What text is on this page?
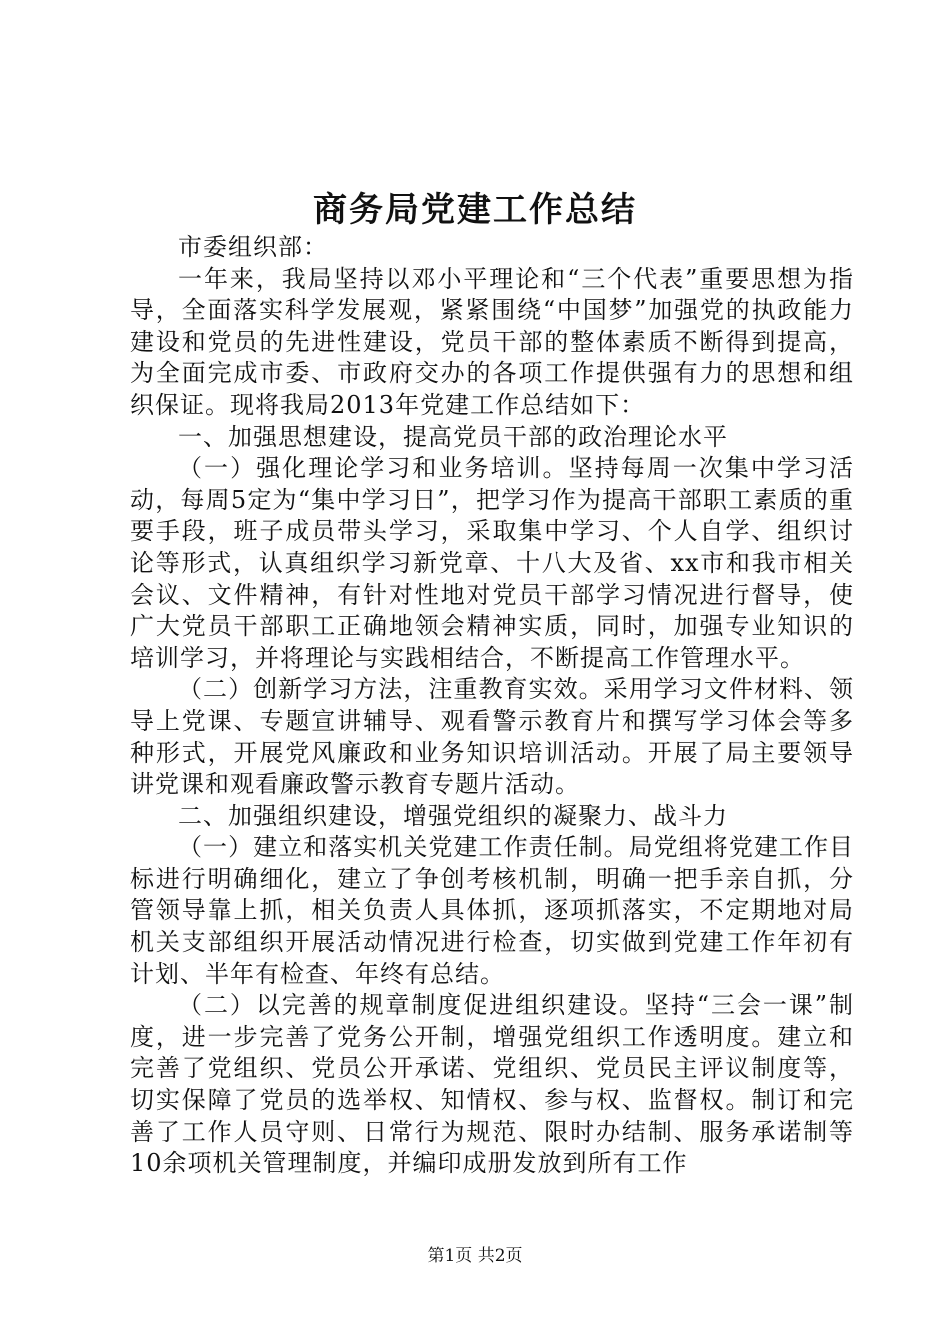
商务局党建工作总结

市委组织部：

一年来，我局坚持以邓小平理论和“三个代表”重要思想为指导，全面落实科学发展观，紧紧围绕“中国梦”加强党的执政能力建设和党员的先进性建设，党员干部的整体素质不断得到提高，为全面完成市委、市政府交办的各项工作提供强有力的思想和组织保证。现将我局2013年党建工作总结如下：

一、加强思想建设，提高党员干部的政治理论水平

（一）强化理论学习和业务培训。坚持每周一次集中学习活动，每周5定为“集中学习日”，把学习作为提高干部职工素质的重要手段，班子成员带头学习，采取集中学习、个人自学、组织讨论等形式，认真组织学习新党章、十八大及省、xx市和我市相关会议、文件精神，有针对性地对党员干部学习情况进行督导，使广大党员干部职工正确地领会精神实质，同时，加强专业知识的培训学习，并将理论与实践相结合，不断提高工作管理水平。

（二）创新学习方法，注重教育实效。采用学习文件材料、领导上党课、专题宣讲辅导、观看警示教育片和撰写学习体会等多种形式，开展党风廉政和业务知识培训活动。开展了局主要领导讲党课和观看廉政警示教育专题片活动。

二、加强组织建设，增强党组织的凝聚力、战斗力

（一）建立和落实机关党建工作责任制。局党组将党建工作目标进行明确细化，建立了争创考核机制，明确一把手亲自抓，分管领导靠上抓，相关负责人具体抓，逐项抓落实，不定期地对局机关支部组织开展活动情况进行检查，切实做到党建工作年初有计划、半年有检查、年终有总结。

（二）以完善的规章制度促进组织建设。坚持“三会一课”制度，进一步完善了党务公开制，增强党组织工作透明度。建立和完善了党组织、党员公开承诺、党组织、党员民主评议制度等，切实保障了党员的选举权、知情权、参与权、监督权。制订和完善了工作人员守则、日常行为规范、限时办结制、服务承诺制等10余项机关管理制度，并编印成册发放到所有工作

第1页 共2页
